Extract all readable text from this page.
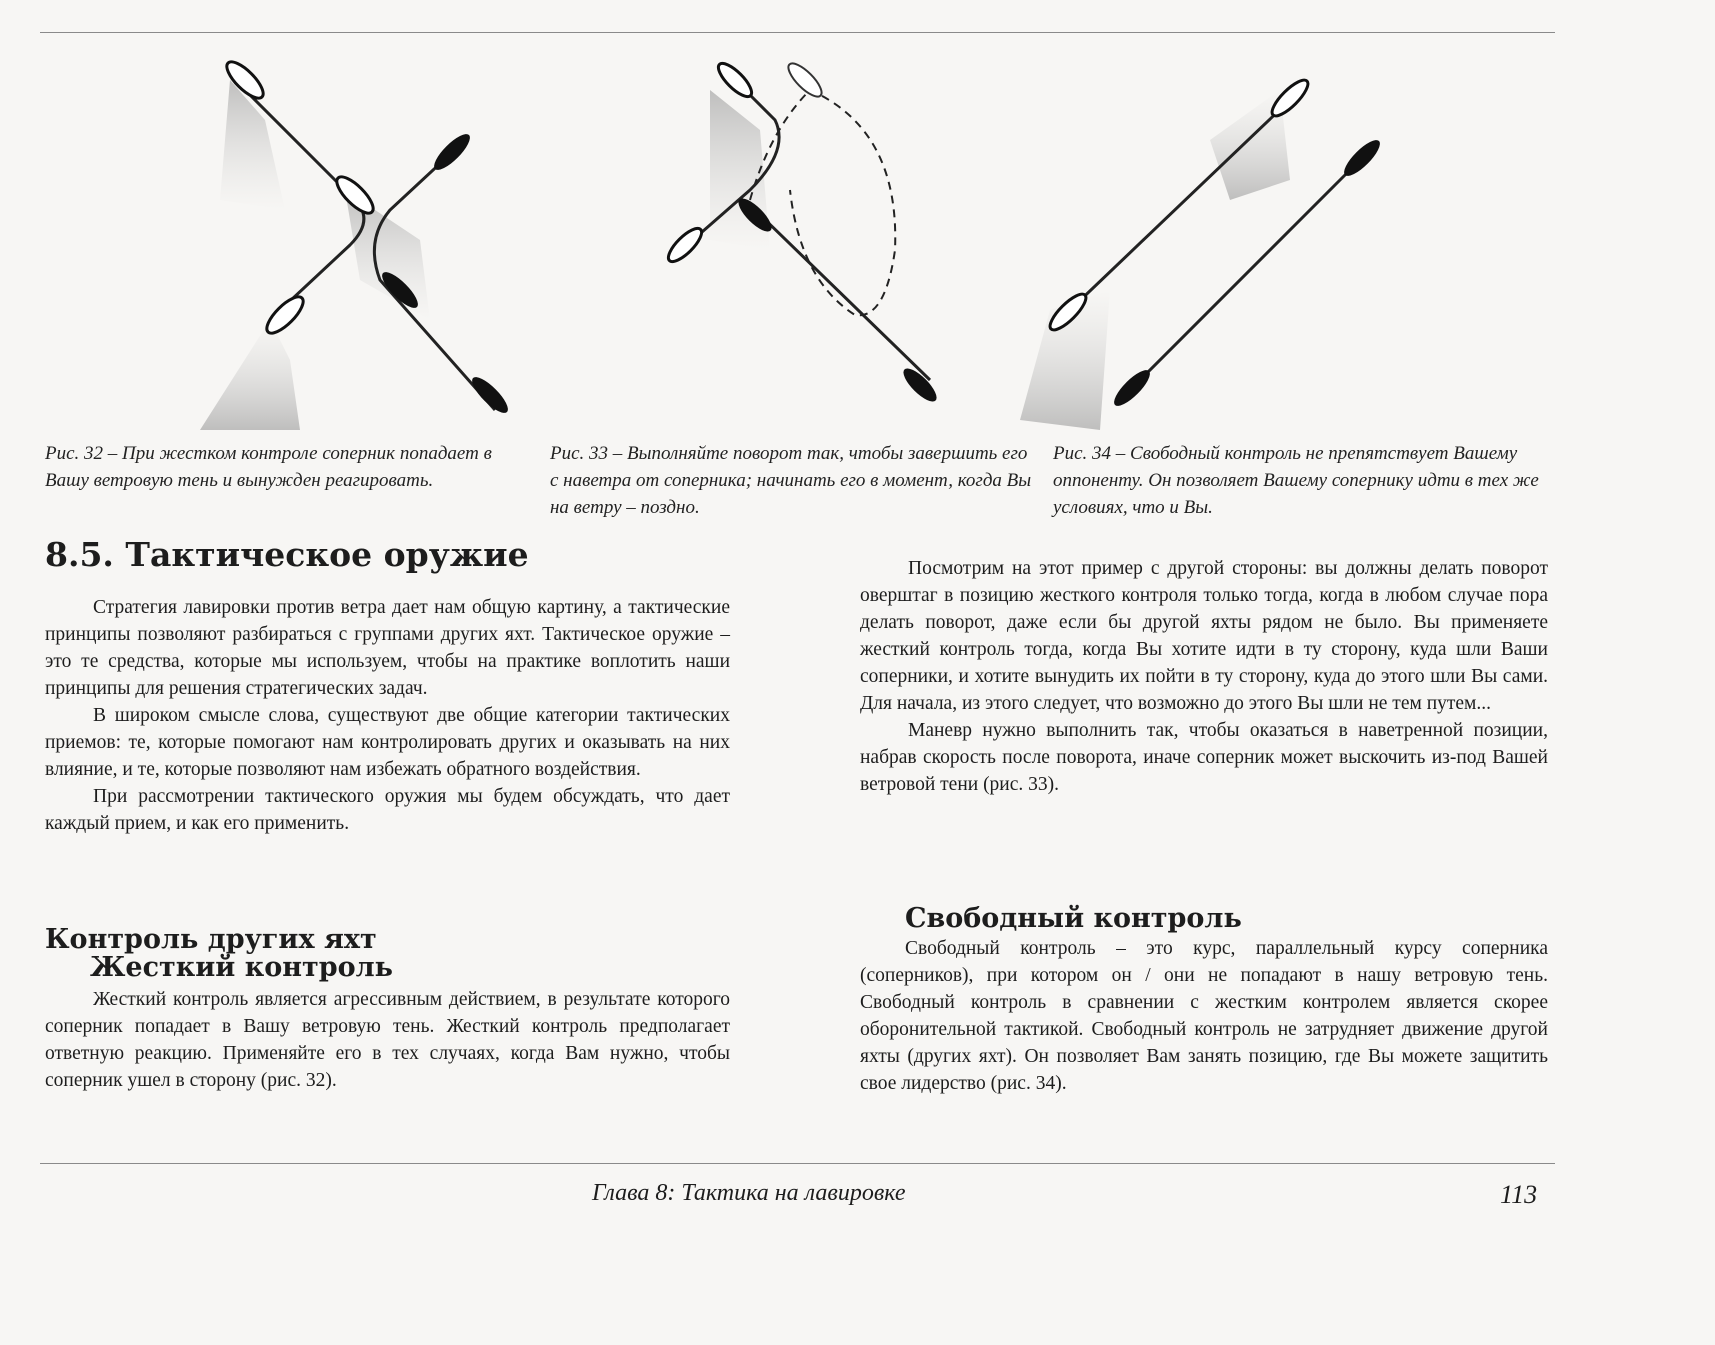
Рис. 32 – При жестком контроле соперник попадает в Вашу ветровую тень и вынужден реагировать.
Рис. 33 – Выполняйте поворот так, чтобы завершить его с наветра от соперника; начинать его в момент, когда Вы на ветру – поздно.
Рис. 34 – Свободный контроль не препятствует Вашему оппоненту. Он позволяет Вашему сопернику идти в тех же условиях, что и Вы.
8.5. Тактическое оружие

Стратегия лавировки против ветра дает нам общую картину, а тактические принципы позволяют разбираться с группами других яхт. Тактическое оружие – это те средства, которые мы используем, чтобы на практике воплотить наши принципы для решения стратегических задач.

В широком смысле слова, существуют две общие категории тактических приемов: те, которые помогают нам контролировать других и оказывать на них влияние, и те, которые позволяют нам избежать обратного воздействия.

При рассмотрении тактического оружия мы будем обсуждать, что дает каждый прием, и как его применить.

Контроль других яхт
Жесткий контроль

Жесткий контроль является агрессивным действием, в результате которого соперник попадает в Вашу ветровую тень. Жесткий контроль предполагает ответную реакцию. Применяйте его в тех случаях, когда Вам нужно, чтобы соперник ушел в сторону (рис. 32).

Посмотрим на этот пример с другой стороны: вы должны делать поворот оверштаг в позицию жесткого контроля только тогда, когда в любом случае пора делать поворот, даже если бы другой яхты рядом не было. Вы применяете жесткий контроль тогда, когда Вы хотите идти в ту сторону, куда шли Ваши соперники, и хотите вынудить их пойти в ту сторону, куда до этого шли Вы сами. Для начала, из этого следует, что возможно до этого Вы шли не тем путем...

Маневр нужно выполнить так, чтобы оказаться в наветренной позиции, набрав скорость после поворота, иначе соперник может выскочить из-под Вашей ветровой тени (рис. 33).

Свободный контроль

Свободный контроль – это курс, параллельный курсу соперника (соперников), при котором он / они не попадают в нашу ветровую тень. Свободный контроль в сравнении с жестким контролем является скорее оборонительной тактикой. Свободный контроль не затрудняет движение другой яхты (других яхт). Он позволяет Вам занять позицию, где Вы можете защитить свое лидерство (рис. 34).

Глава 8: Тактика на лавировке	113
